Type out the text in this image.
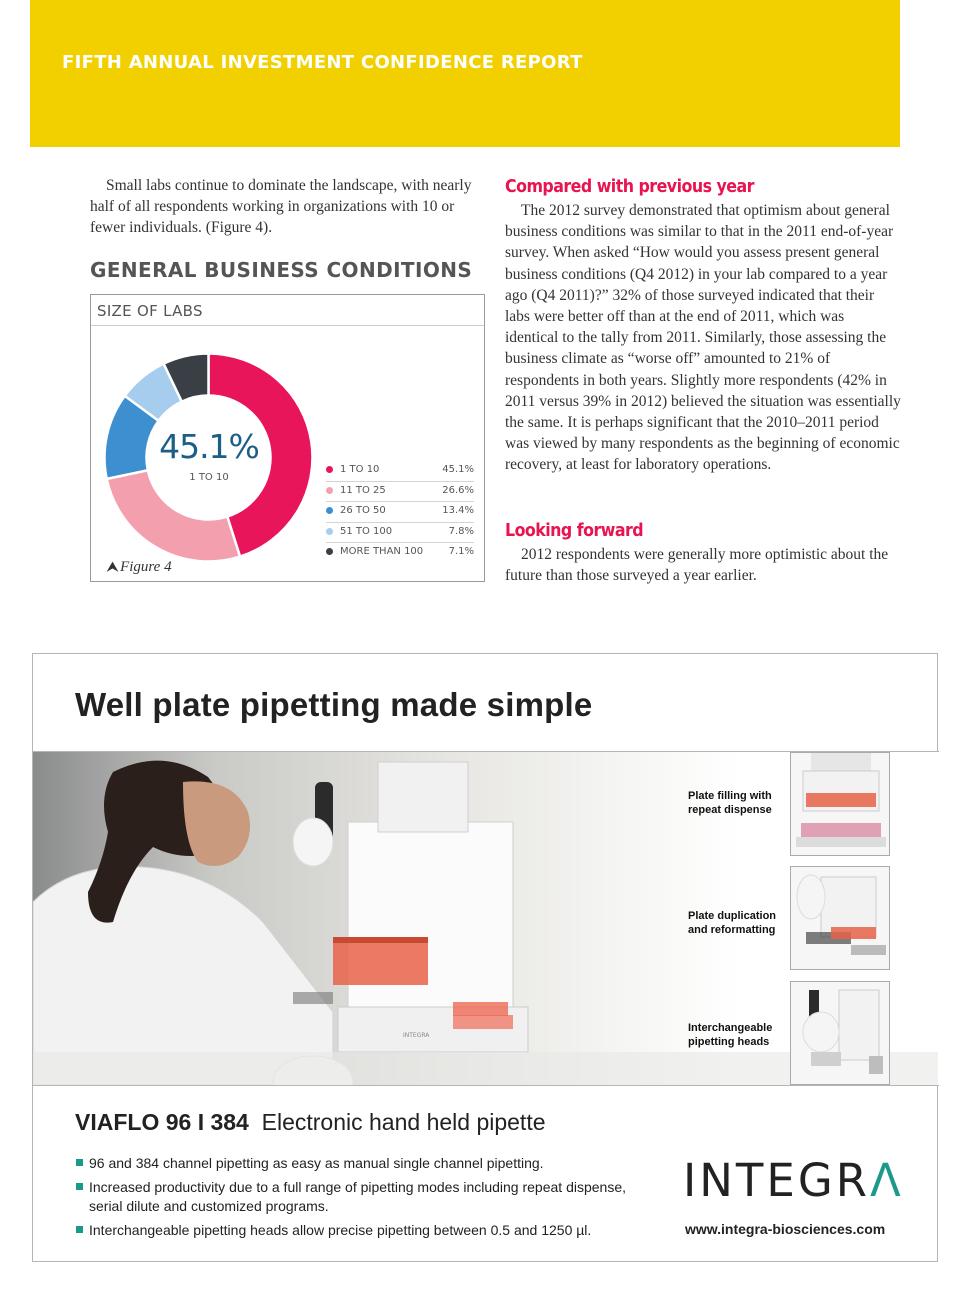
FIFTH ANNUAL INVESTMENT CONFIDENCE REPORT

Small labs continue to dominate the landscape, with nearly half of all respondents working in organizations with 10 or fewer individuals. (Figure 4).

GENERAL BUSINESS CONDITIONS
SIZE OF LABS
45.1%
1 TO 10
1 TO 10	45.1%
11 TO 25	26.6%
26 TO 50	13.4%
51 TO 100	7.8%
MORE THAN 100	7.1%
⮝ Figure 4
Compared with previous year

The 2012 survey demonstrated that optimism about general business conditions was similar to that in the 2011 end-of-year survey. When asked “How would you assess present general business conditions (Q4 2012) in your lab compared to a year ago (Q4 2011)?” 32% of those surveyed indicated that their labs were better off than at the end of 2011, which was identical to the tally from 2011. Similarly, those assessing the business climate as “worse off” amounted to 21% of respondents in both years. Slightly more respondents (42% in 2011 versus 39% in 2012) believed the situation was essentially the same. It is perhaps significant that the 2010–2011 period was viewed by many respondents as the beginning of economic recovery, at least for laboratory operations.

Looking forward

2012 respondents were generally more optimistic about the future than those surveyed a year earlier.

Well plate pipetting made simple
INTEGRA
Plate filling with repeat dispense
Plate duplication and reformatting
Interchangeable pipetting heads
VIAFLO 96 I 384 Electronic hand held pipette
96 and 384 channel pipetting as easy as manual single channel pipetting.
Increased productivity due to a full range of pipetting modes including repeat dispense, serial dilute and customized programs.
Interchangeable pipetting heads allow precise pipetting between 0.5 and 1250 µl.
INTEGRΛ
www.integra-biosciences.com
